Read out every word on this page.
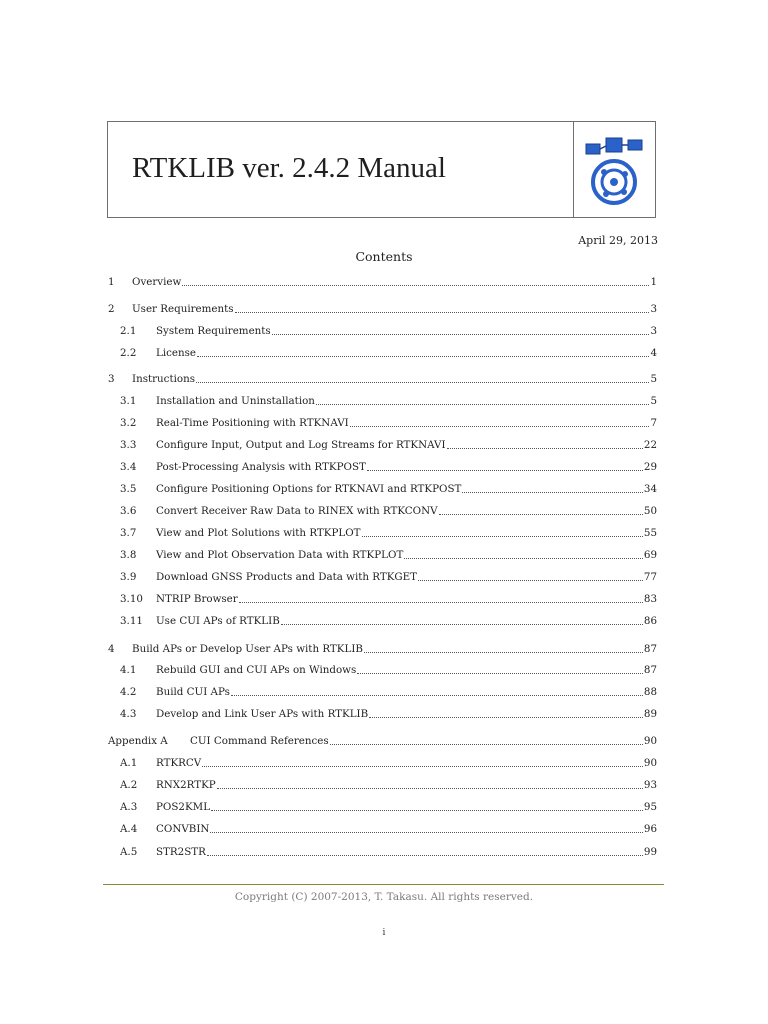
RTKLIB ver. 2.4.2 Manual
April 29, 2013
Contents
1	Overview	1
2	User Requirements	3
2.1	System Requirements	3
2.2	License	4
3	Instructions	5
3.1	Installation and Uninstallation	5
3.2	Real-Time Positioning with RTKNAVI	7
3.3	Configure Input, Output and Log Streams for RTKNAVI	22
3.4	Post-Processing Analysis with RTKPOST	29
3.5	Configure Positioning Options for RTKNAVI and RTKPOST	34
3.6	Convert Receiver Raw Data to RINEX with RTKCONV	50
3.7	View and Plot Solutions with RTKPLOT	55
3.8	View and Plot Observation Data with RTKPLOT	69
3.9	Download GNSS Products and Data with RTKGET	77
3.10	NTRIP Browser	83
3.11	Use CUI APs of RTKLIB	86
4	Build APs or Develop User APs with RTKLIB	87
4.1	Rebuild GUI and CUI APs on Windows	87
4.2	Build CUI APs	88
4.3	Develop and Link User APs with RTKLIB	89
Appendix A	CUI Command References	90
A.1	RTKRCV	90
A.2	RNX2RTKP	93
A.3	POS2KML	95
A.4	CONVBIN	96
A.5	STR2STR	99
Copyright (C) 2007-2013, T. Takasu. All rights reserved.
i
